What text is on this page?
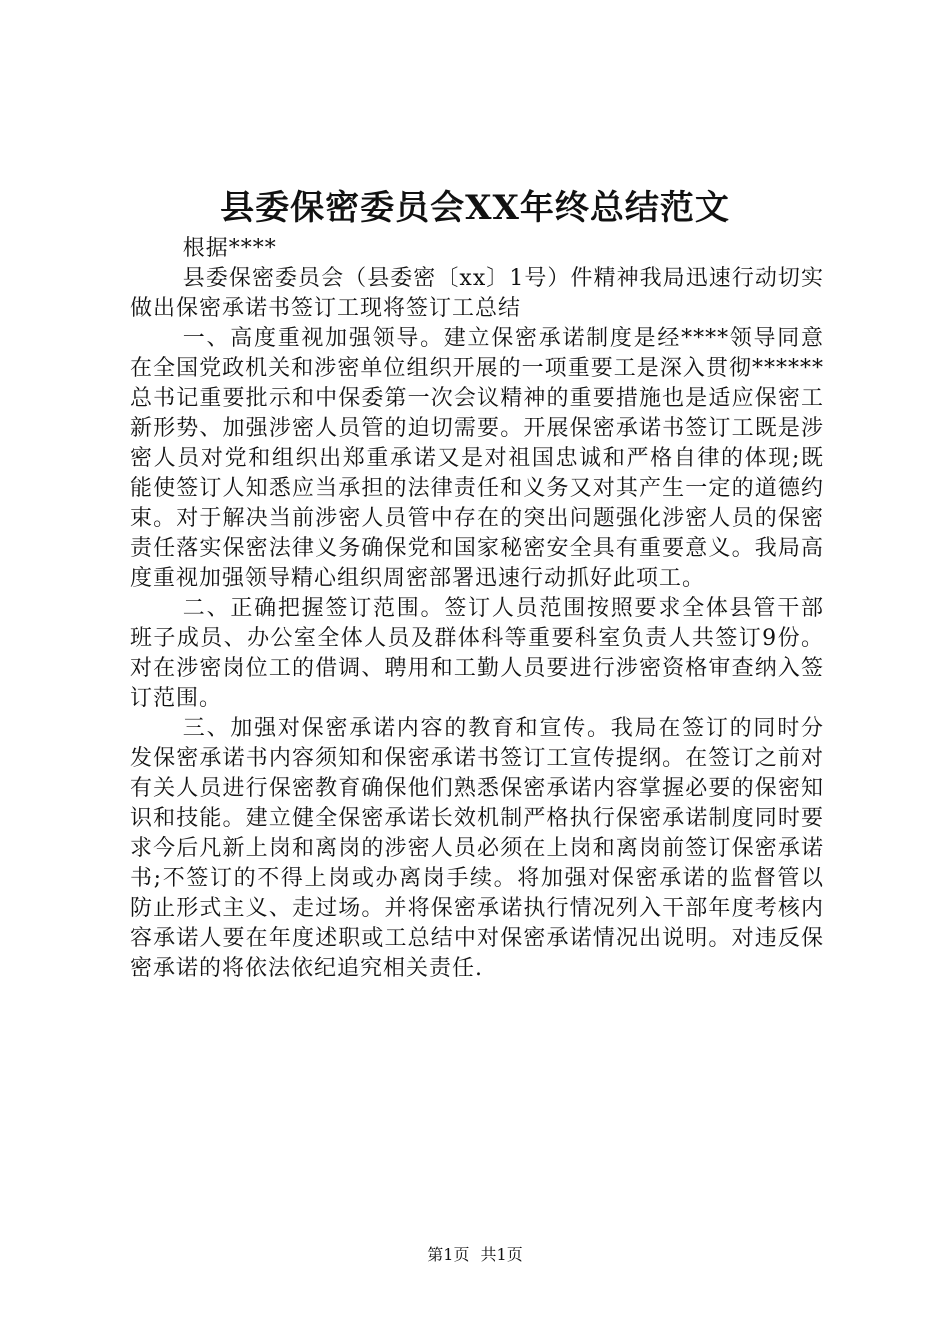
县委保密委员会XX年终总结范文

根据****

县委保密委员会（县委密〔xx〕1号）件精神我局迅速行动切实做出保密承诺书签订工现将签订工总结

一、高度重视加强领导。建立保密承诺制度是经****领导同意在全国党政机关和涉密单位组织开展的一项重要工是深入贯彻******总书记重要批示和中保委第一次会议精神的重要措施也是适应保密工新形势、加强涉密人员管的迫切需要。开展保密承诺书签订工既是涉密人员对党和组织出郑重承诺又是对祖国忠诚和严格自律的体现;既能使签订人知悉应当承担的法律责任和义务又对其产生一定的道德约束。对于解决当前涉密人员管中存在的突出问题强化涉密人员的保密责任落实保密法律义务确保党和国家秘密安全具有重要意义。我局高度重视加强领导精心组织周密部署迅速行动抓好此项工。

二、正确把握签订范围。签订人员范围按照要求全体县管干部班子成员、办公室全体人员及群体科等重要科室负责人共签订9份。对在涉密岗位工的借调、聘用和工勤人员要进行涉密资格审查纳入签订范围。

三、加强对保密承诺内容的教育和宣传。我局在签订的同时分发保密承诺书内容须知和保密承诺书签订工宣传提纲。在签订之前对有关人员进行保密教育确保他们熟悉保密承诺内容掌握必要的保密知识和技能。建立健全保密承诺长效机制严格执行保密承诺制度同时要求今后凡新上岗和离岗的涉密人员必须在上岗和离岗前签订保密承诺书;不签订的不得上岗或办离岗手续。将加强对保密承诺的监督管以防止形式主义、走过场。并将保密承诺执行情况列入干部年度考核内容承诺人要在年度述职或工总结中对保密承诺情况出说明。对违反保密承诺的将依法依纪追究相关责任.

第1页 共1页
